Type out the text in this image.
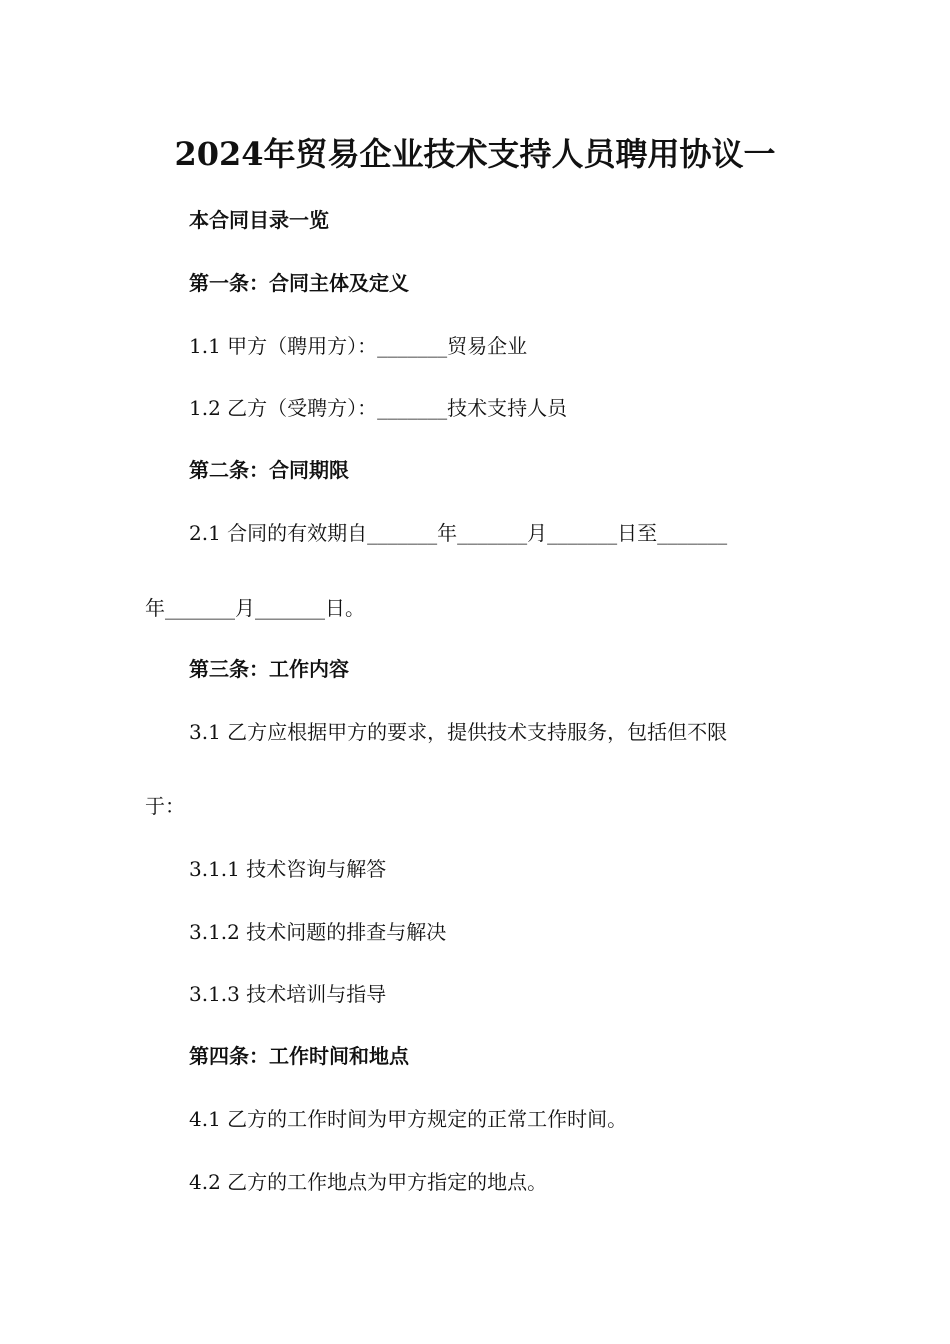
2024年贸易企业技术支持人员聘用协议一

本合同目录一览

第一条：合同主体及定义

1.1 甲方（聘用方）：_______贸易企业

1.2 乙方（受聘方）：_______技术支持人员

第二条：合同期限

2.1 合同的有效期自_______年_______月_______日至_______

年_______月_______日。

第三条：工作内容

3.1 乙方应根据甲方的要求，提供技术支持服务，包括但不限

于：

3.1.1 技术咨询与解答

3.1.2 技术问题的排查与解决

3.1.3 技术培训与指导

第四条：工作时间和地点

4.1 乙方的工作时间为甲方规定的正常工作时间。

4.2 乙方的工作地点为甲方指定的地点。
